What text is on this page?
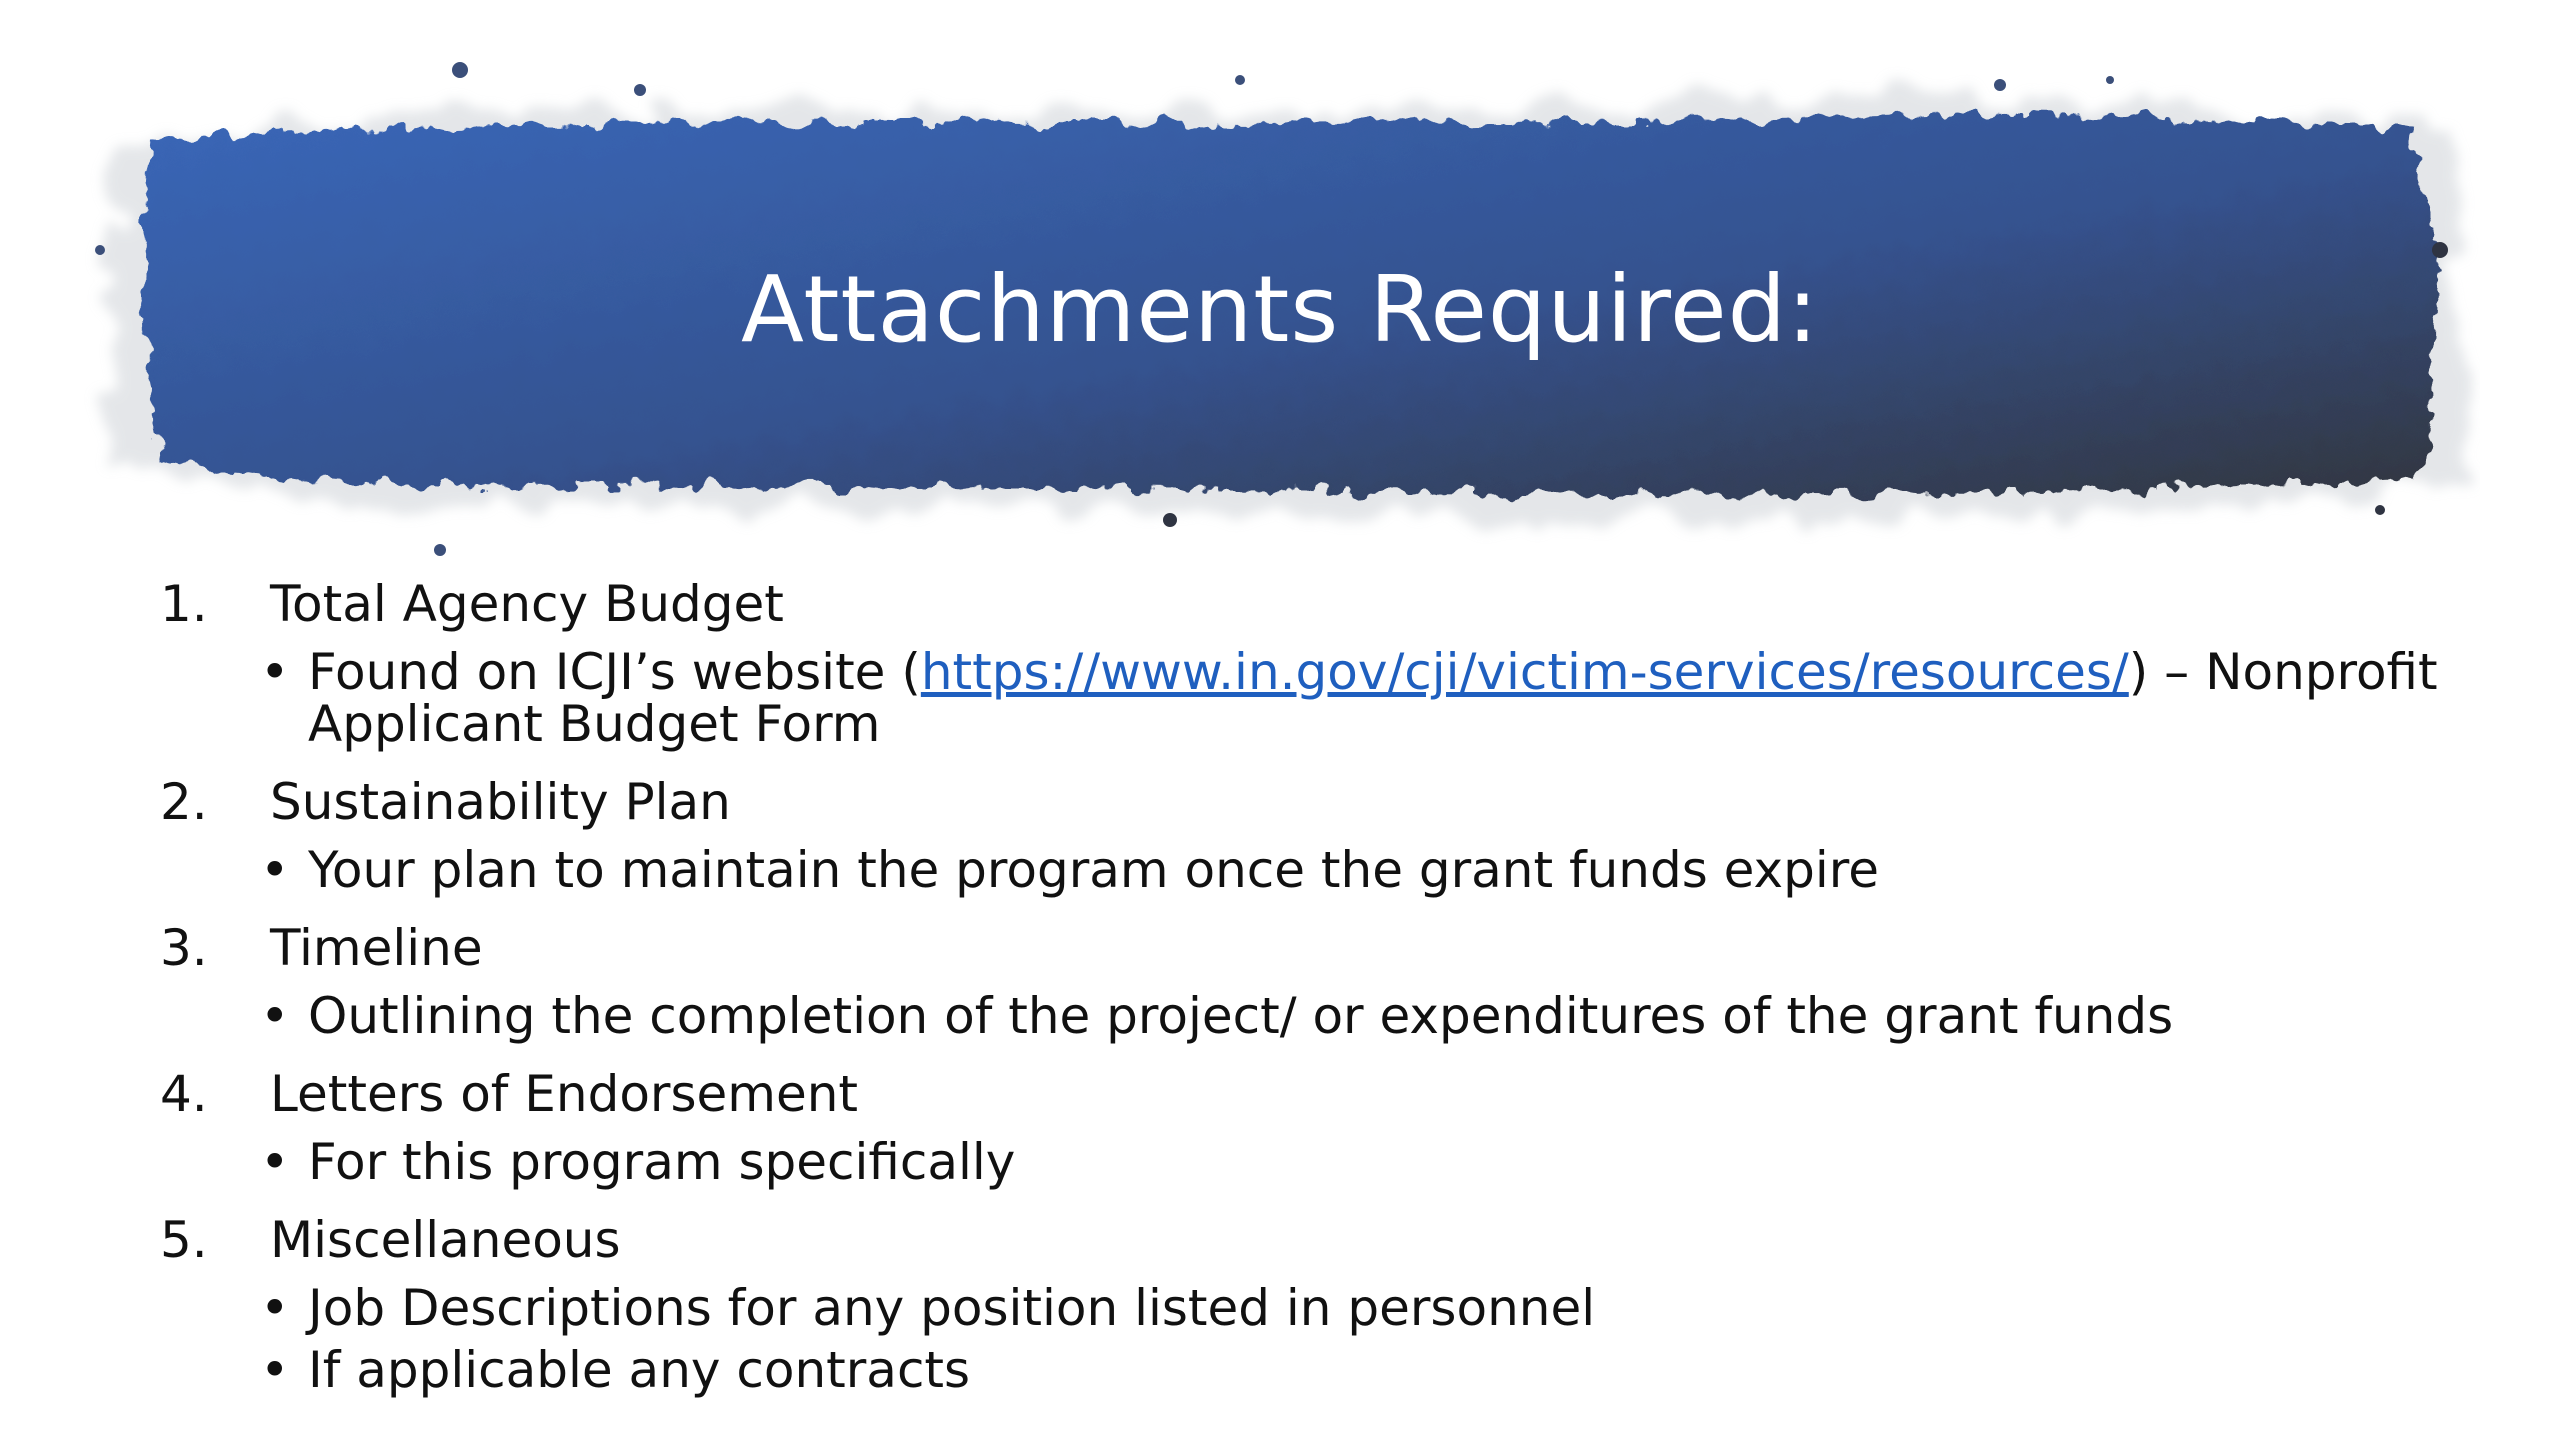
Attachments Required:
1.	Total Agency Budget
• Found on ICJI’s website (https://www.in.gov/cji/victim-services/resources/) – Nonprofit Applicant Budget Form
2.	Sustainability Plan
• Your plan to maintain the program once the grant funds expire
3.	Timeline
• Outlining the completion of the project/ or expenditures of the grant funds
4.	Letters of Endorsement
• For this program specifically
5.	Miscellaneous
• Job Descriptions for any position listed in personnel
• If applicable any contracts
